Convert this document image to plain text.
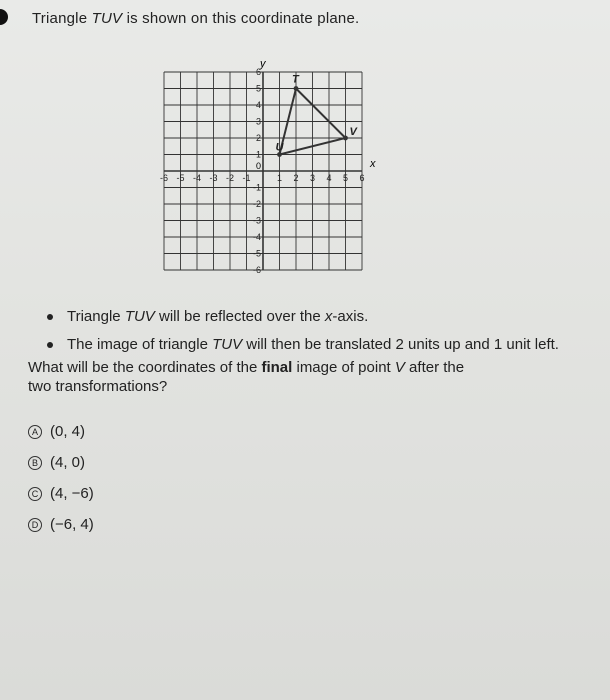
Triangle TUV is shown on this coordinate plane.
-6 -5 -4 -3 -2 -1	1 2 3 4 5 6
6
5
4
3
2
1
-1
-2
-3
-4
-5
-6
T
U
V
y
x
0
Triangle TUV will be reflected over the x-axis.
The image of triangle TUV will then be translated 2 units up and 1 unit left.
What will be the coordinates of the final image of point V after the
two transformations?
A (0, 4)
B (4, 0)
C (4, −6)
D (−6, 4)
